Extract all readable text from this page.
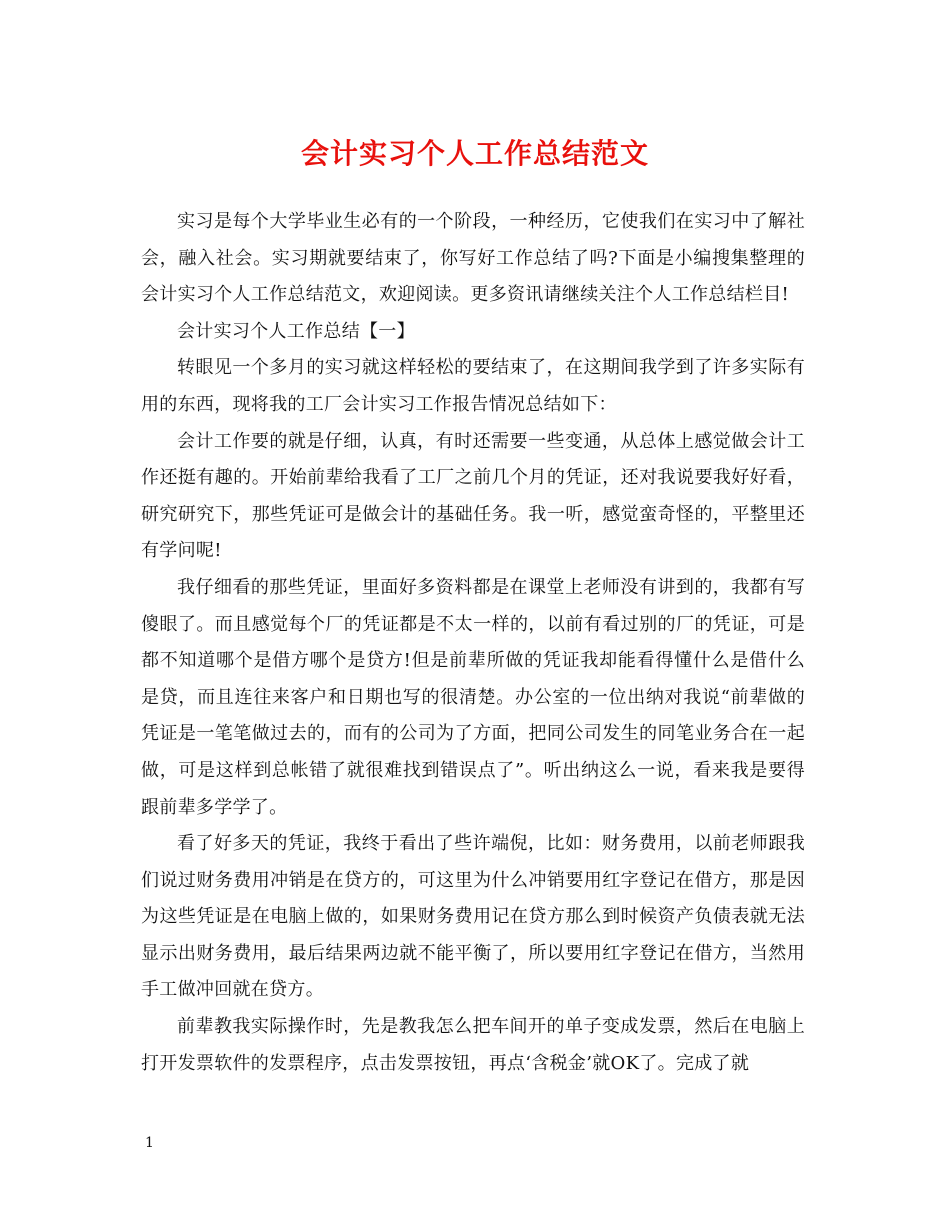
会计实习个人工作总结范文

实习是每个大学毕业生必有的一个阶段，一种经历，它使我们在实习中了解社会，融入社会。实习期就要结束了，你写好工作总结了吗?下面是小编搜集整理的会计实习个人工作总结范文，欢迎阅读。更多资讯请继续关注个人工作总结栏目!

会计实习个人工作总结【一】

转眼见一个多月的实习就这样轻松的要结束了，在这期间我学到了许多实际有用的东西，现将我的工厂会计实习工作报告情况总结如下：

会计工作要的就是仔细，认真，有时还需要一些变通，从总体上感觉做会计工作还挺有趣的。开始前辈给我看了工厂之前几个月的凭证，还对我说要我好好看，研究研究下，那些凭证可是做会计的基础任务。我一听，感觉蛮奇怪的，平整里还有学问呢!

我仔细看的那些凭证，里面好多资料都是在课堂上老师没有讲到的，我都有写傻眼了。而且感觉每个厂的凭证都是不太一样的，以前有看过别的厂的凭证，可是都不知道哪个是借方哪个是贷方!但是前辈所做的凭证我却能看得懂什么是借什么是贷，而且连往来客户和日期也写的很清楚。办公室的一位出纳对我说“前辈做的凭证是一笔笔做过去的，而有的公司为了方面，把同公司发生的同笔业务合在一起做，可是这样到总帐错了就很难找到错误点了”。听出纳这么一说，看来我是要得跟前辈多学学了。

看了好多天的凭证，我终于看出了些许端倪，比如：财务费用，以前老师跟我们说过财务费用冲销是在贷方的，可这里为什么冲销要用红字登记在借方，那是因为这些凭证是在电脑上做的，如果财务费用记在贷方那么到时候资产负债表就无法显示出财务费用，最后结果两边就不能平衡了，所以要用红字登记在借方，当然用手工做冲回就在贷方。

前辈教我实际操作时，先是教我怎么把车间开的单子变成发票，然后在电脑上打开发票软件的发票程序，点击发票按钮，再点‘含税金’就OK了。完成了就

1
